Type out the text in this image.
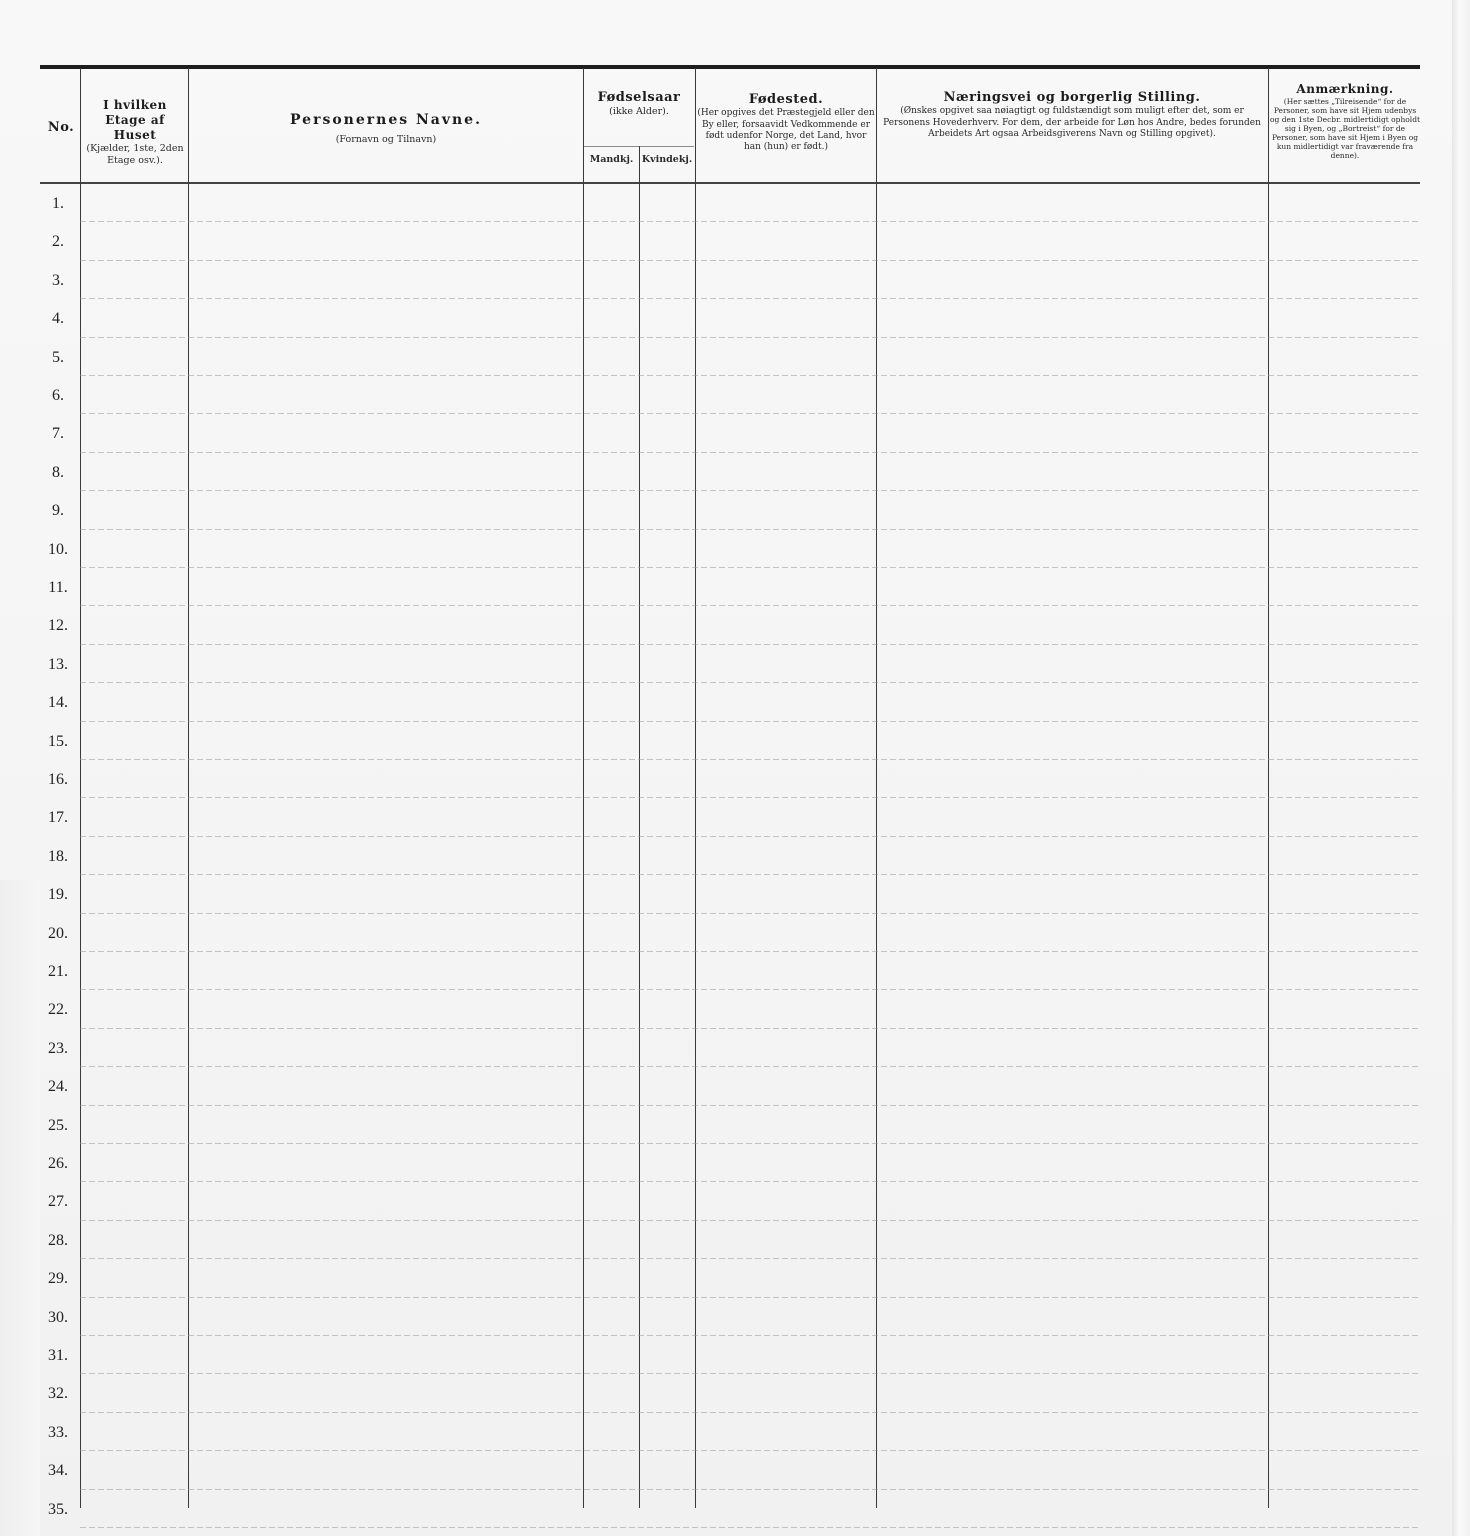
No.
I hvilken Etage af Huset
(Kjælder, 1ste, 2den Etage osv.).
Personernes Navne.
(Fornavn og Tilnavn)
Fødselsaar
(ikke Alder).
Mandkj. Kvindekj.
Fødested.
(Her opgives det Præstegjeld eller den By eller, forsaavidt Vedkommende er født udenfor Norge, det Land, hvor han (hun) er født.)
Næringsvei og borgerlig Stilling.
(Ønskes opgivet saa nøiagtigt og fuldstændigt som muligt efter det, som er Personens Hovederhverv. For dem, der arbeide for Løn hos Andre, bedes forunden Arbeidets Art ogsaa Arbeidsgiverens Navn og Stilling opgivet).
Anmærkning.
(Her sættes „Tilreisende“ for de Personer, som have sit Hjem udenbys og den 1ste Decbr. midlertidigt opholdt sig i Byen, og „Bortreist“ for de Personer, som have sit Hjem i Byen og kun midlertidigt var fraværende fra denne).
1.
2.
3.
4.
5.
6.
7.
8.
9.
10.
11.
12.
13.
14.
15.
16.
17.
18.
19.
20.
21.
22.
23.
24.
25.
26.
27.
28.
29.
30.
31.
32.
33.
34.
35.
